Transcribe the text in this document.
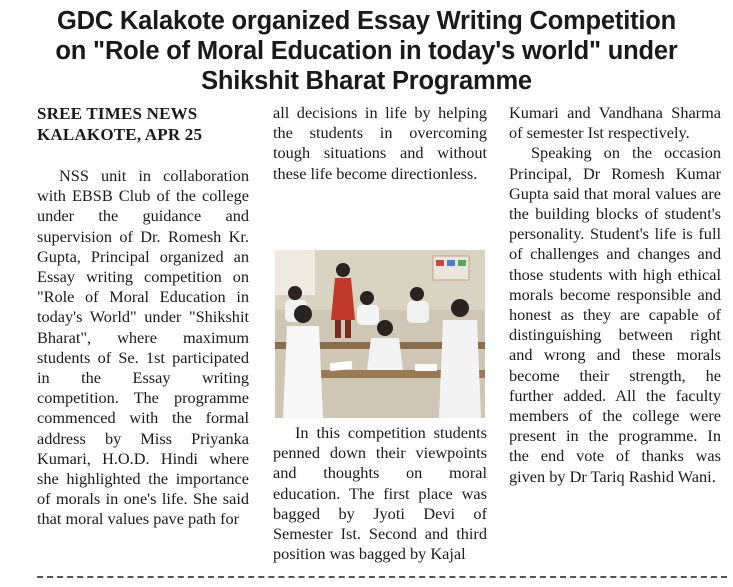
GDC Kalakote organized Essay Writing Competition
on "Role of Moral Education in today's world" under
Shikshit Bharat Programme
SREE TIMES NEWS
KALAKOTE, APR 25

NSS unit in collaboration with EBSB Club of the college under the guidance and supervision of Dr. Romesh Kr. Gupta, Principal organized an Essay writing competition on "Role of Moral Education in today's World" under "Shikshit Bharat", where maximum students of Se. 1st participated in the Essay writing competition. The programme commenced with the formal address by Miss Priyanka Kumari, H.O.D. Hindi where she highlighted the importance of morals in one's life. She said that moral values pave path for

all decisions in life by helping the students in overcoming tough situations and without these life become directionless.

In this competition students penned down their viewpoints and thoughts on moral education. The first place was bagged by Jyoti Devi of Semester Ist. Second and third position was bagged by Kajal

Kumari and Vandhana Sharma of semester Ist respectively.

Speaking on the occasion Principal, Dr Romesh Kumar Gupta said that moral values are the building blocks of student's personality. Student's life is full of challenges and changes and those students with high ethical morals become responsible and honest as they are capable of distinguishing between right and wrong and these morals become their strength, he further added. All the faculty members of the college were present in the programme. In the end vote of thanks was given by Dr Tariq Rashid Wani.
